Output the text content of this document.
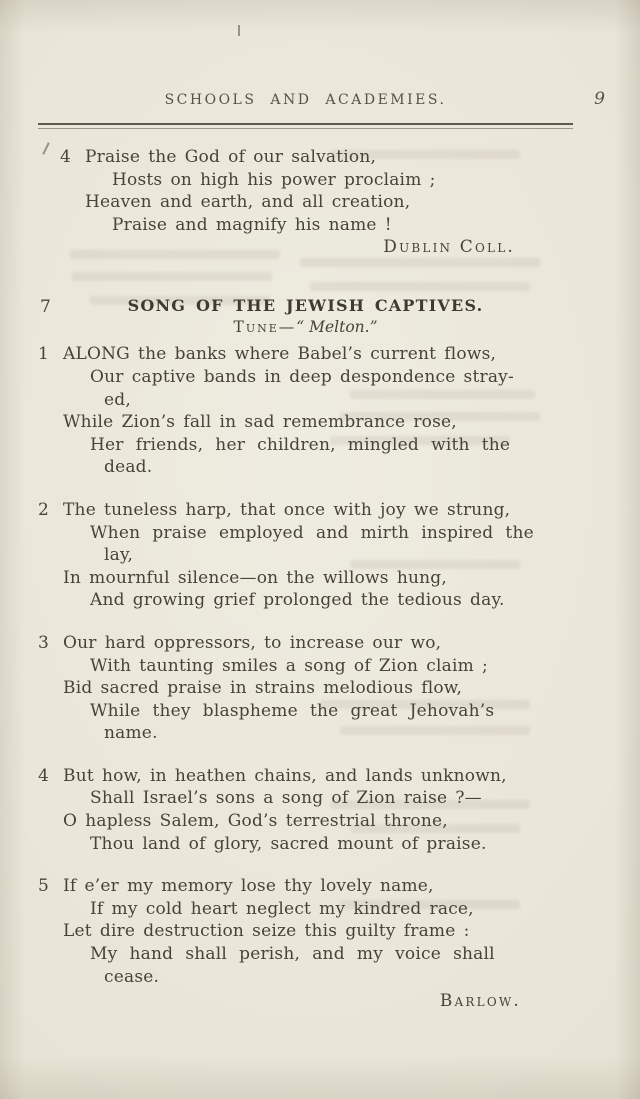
SCHOOLS AND ACADEMIES.	9
4 Praise the God of our salvation,
Hosts on high his power proclaim ;
Heaven and earth, and all creation,
Praise and magnify his name !
Dublin Coll.
7	SONG OF THE JEWISH CAPTIVES.
Tune—“ Melton.”
1 ALONG the banks where Babel’s current flows,
Our captive bands in deep despondence stray-
ed,
While Zion’s fall in sad remembrance rose,
Her friends, her children, mingled with the
dead.
2 The tuneless harp, that once with joy we strung,
When praise employed and mirth inspired the
lay,
In mournful silence—on the willows hung,
And growing grief prolonged the tedious day.
3 Our hard oppressors, to increase our wo,
With taunting smiles a song of Zion claim ;
Bid sacred praise in strains melodious flow,
While they blaspheme the great Jehovah’s
name.
4 But how, in heathen chains, and lands unknown,
Shall Israel’s sons a song of Zion raise ?—
O hapless Salem, God’s terrestrial throne,
Thou land of glory, sacred mount of praise.
5 If e’er my memory lose thy lovely name,
If my cold heart neglect my kindred race,
Let dire destruction seize this guilty frame :
My hand shall perish, and my voice shall
cease.
Barlow.
